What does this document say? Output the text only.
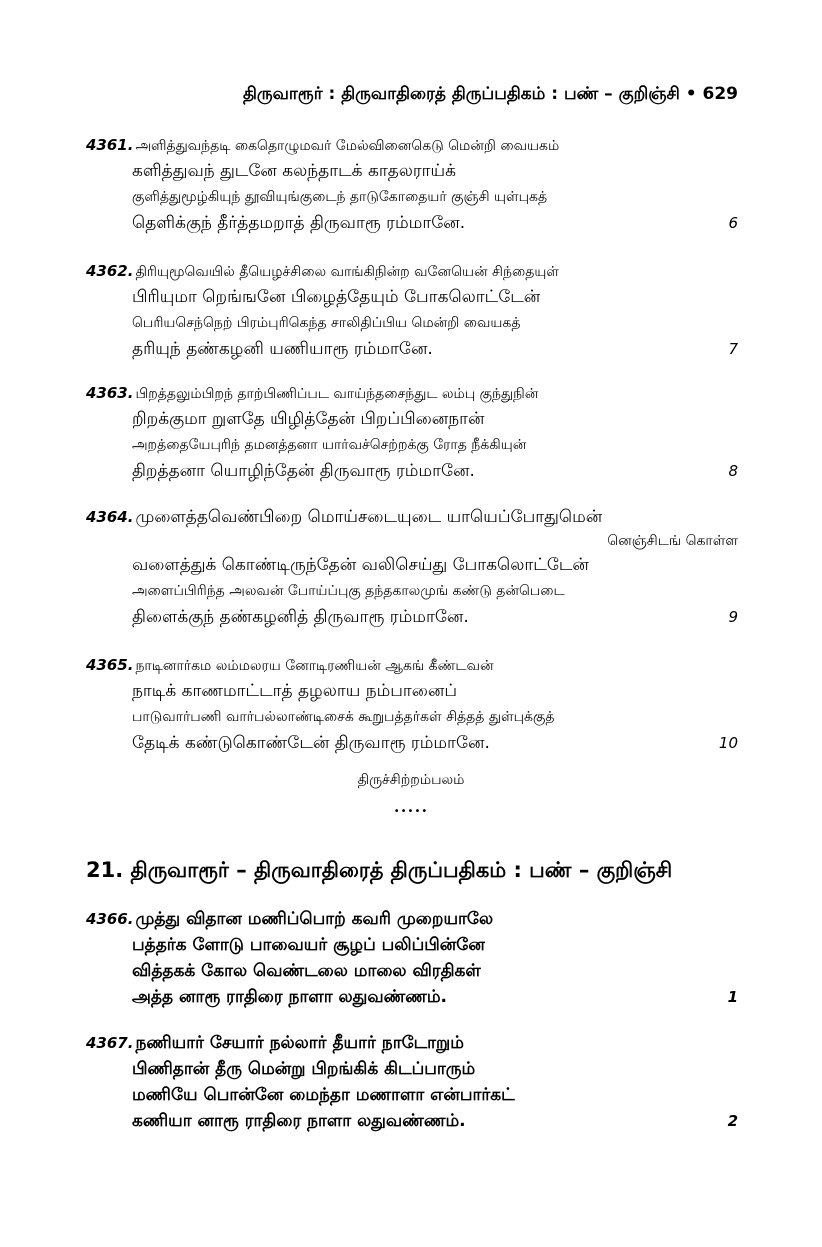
திருவாரூர் : திருவாதிரைத் திருப்பதிகம் : பண் – குறிஞ்சி • 629
4361. அளித்துவந்தடி கைதொழுமவர் மேல்வினைகெடு மென்றி வையகம்
களித்துவந் துடனே கலந்தாடக் காதலராய்க்
குளித்துமூழ்கியுந் தூவியுங்குடைந் தாடுகோதையர் குஞ்சி யுள்புகத்
தெளிக்குந் தீர்த்தமறாத் திருவாரூ ரம்மானே.	6
4362. திரியுமூவெயில் தீயெழச்சிலை வாங்கிநின்ற வனேயென் சிந்தையுள்
பிரியுமா றெங்ஙனே பிழைத்தேயும் போகலொட்டேன்
பெரியசெந்நெற் பிரம்புரிகெந்த சாலிதிப்பிய மென்றி வையகத்
தரியுந் தண்கழனி யணியாரூ ரம்மானே.	7
4363. பிறத்தலும்பிறந் தாற்பிணிப்பட வாய்ந்தசைந்துட லம்பு குந்துநின்
றிறக்குமா றுளதே யிழித்தேன் பிறப்பினைநான்
அறத்தையேபுரிந் தமனத்தனா யார்வச்செற்றக்கு ரோத நீக்கியுன்
திறத்தனா யொழிந்தேன் திருவாரூ ரம்மானே.	8
4364. முளைத்தவெண்பிறை மொய்சடையுடை யாயெப்போதுமென்
னெஞ்சிடங் கொள்ள
வளைத்துக் கொண்டிருந்தேன் வலிசெய்து போகலொட்டேன்
அளைப்பிரிந்த அலவன் போய்ப்புகு தந்தகாலமுங் கண்டு தன்பெடை
திளைக்குந் தண்கழனித் திருவாரூ ரம்மானே.	9
4365. நாடினார்கம லம்மலரய னோடிரணியன் ஆகங் கீண்டவன்
நாடிக் காணமாட்டாத் தழலாய நம்பானைப்
பாடுவார்பணி வார்பல்லாண்டிசைக் கூறுபத்தர்கள் சித்தத் துள்புக்குத்
தேடிக் கண்டுகொண்டேன் திருவாரூ ரம்மானே.	10
திருச்சிற்றம்பலம்
•••••
21. திருவாரூர் – திருவாதிரைத் திருப்பதிகம் : பண் – குறிஞ்சி
4366. முத்து விதான மணிப்பொற் கவரி முறையாலே
பத்தர்க ளோடு பாவையர் சூழப் பலிப்பின்னே
வித்தகக் கோல வெண்டலை மாலை விரதிகள்
அத்த னாரூ ராதிரை நாளா லதுவண்ணம்.	1
4367. நணியார் சேயார் நல்லார் தீயார் நாடோறும்
பிணிதான் தீரு மென்று பிறங்கிக் கிடப்பாரும்
மணியே பொன்னே மைந்தா மணாளா என்பார்கட்
கணியா னாரூ ராதிரை நாளா லதுவண்ணம்.	2
